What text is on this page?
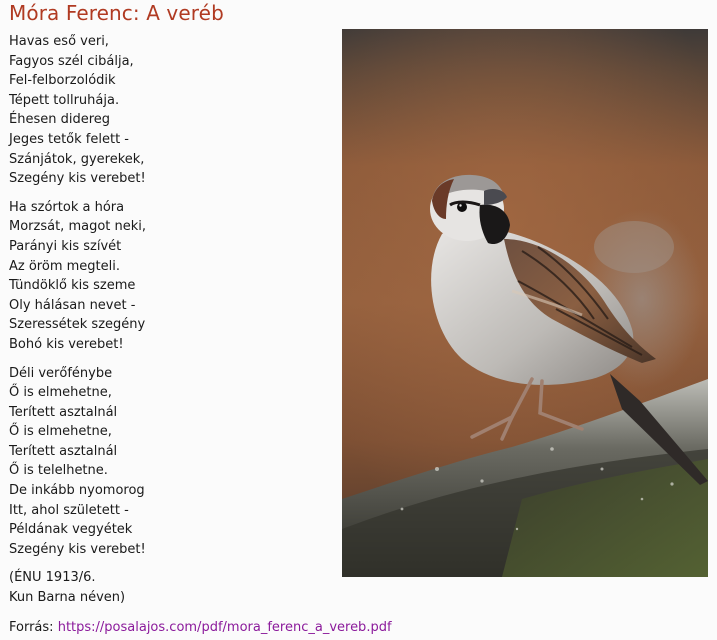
Móra Ferenc: A veréb
Havas eső veri,
Fagyos szél cibálja,
Fel-felborzolódik
Tépett tollruhája.
Éhesen didereg
Jeges tetők felett -
Szánjátok, gyerekek,
Szegény kis verebet!
Ha szórtok a hóra
Morzsát, magot neki,
Parányi kis szívét
Az öröm megteli.
Tündöklő kis szeme
Oly hálásan nevet -
Szeressétek szegény
Bohó kis verebet!
Déli verőfénybe
Ő is elmehetne,
Terített asztalnál
Ő is elmehetne,
Terített asztalnál
Ő is telelhetne.
De inkább nyomorog
Itt, ahol született -
Példának vegyétek
Szegény kis verebet!
(ÉNU 1913/6.
Kun Barna néven)
Forrás: https://posalajos.com/pdf/mora_ferenc_a_vereb.pdf
